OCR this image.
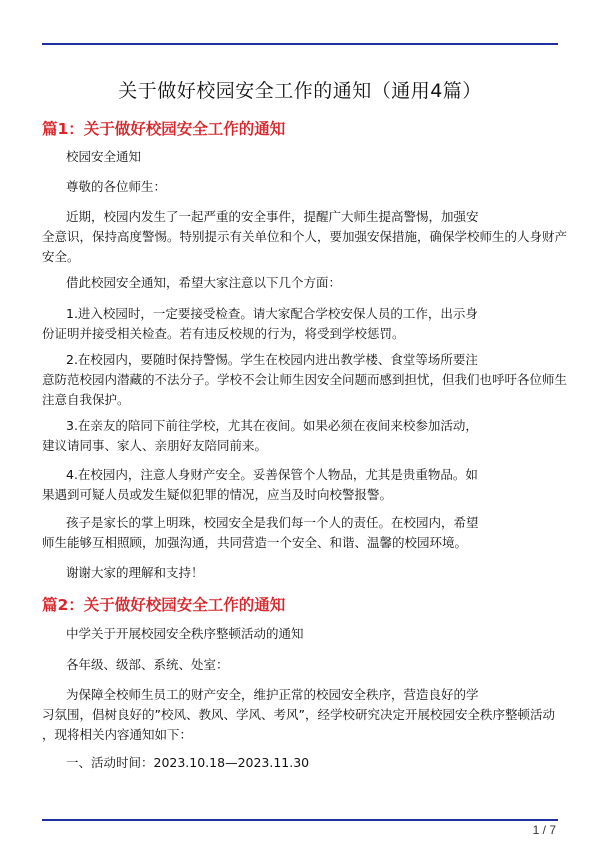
关于做好校园安全工作的通知（通用4篇）
篇1：关于做好校园安全工作的通知
校园安全通知
尊敬的各位师生：
近期，校园内发生了一起严重的安全事件，提醒广大师生提高警惕，加强安
全意识，保持高度警惕。特别提示有关单位和个人，要加强安保措施，确保学校师生的人身财产
安全。
借此校园安全通知，希望大家注意以下几个方面：
1.进入校园时，一定要接受检查。请大家配合学校安保人员的工作，出示身
份证明并接受相关检查。若有违反校规的行为，将受到学校惩罚。
2.在校园内，要随时保持警惕。学生在校园内进出教学楼、食堂等场所要注
意防范校园内潜藏的不法分子。学校不会让师生因安全问题而感到担忧，但我们也呼吁各位师生
注意自我保护。
3.在亲友的陪同下前往学校，尤其在夜间。如果必须在夜间来校参加活动，
建议请同事、家人、亲朋好友陪同前来。
4.在校园内，注意人身财产安全。妥善保管个人物品，尤其是贵重物品。如
果遇到可疑人员或发生疑似犯罪的情况，应当及时向校警报警。
孩子是家长的掌上明珠，校园安全是我们每一个人的责任。在校园内，希望
师生能够互相照顾，加强沟通，共同营造一个安全、和谐、温馨的校园环境。
谢谢大家的理解和支持！
篇2：关于做好校园安全工作的通知
中学关于开展校园安全秩序整顿活动的通知
各年级、级部、系统、处室：
为保障全校师生员工的财产安全，维护正常的校园安全秩序，营造良好的学
习氛围，倡树良好的”校风、教风、学风、考风”，经学校研究决定开展校园安全秩序整顿活动
，现将相关内容通知如下：
一、活动时间：2023.10.18—2023.11.30
1 / 7
